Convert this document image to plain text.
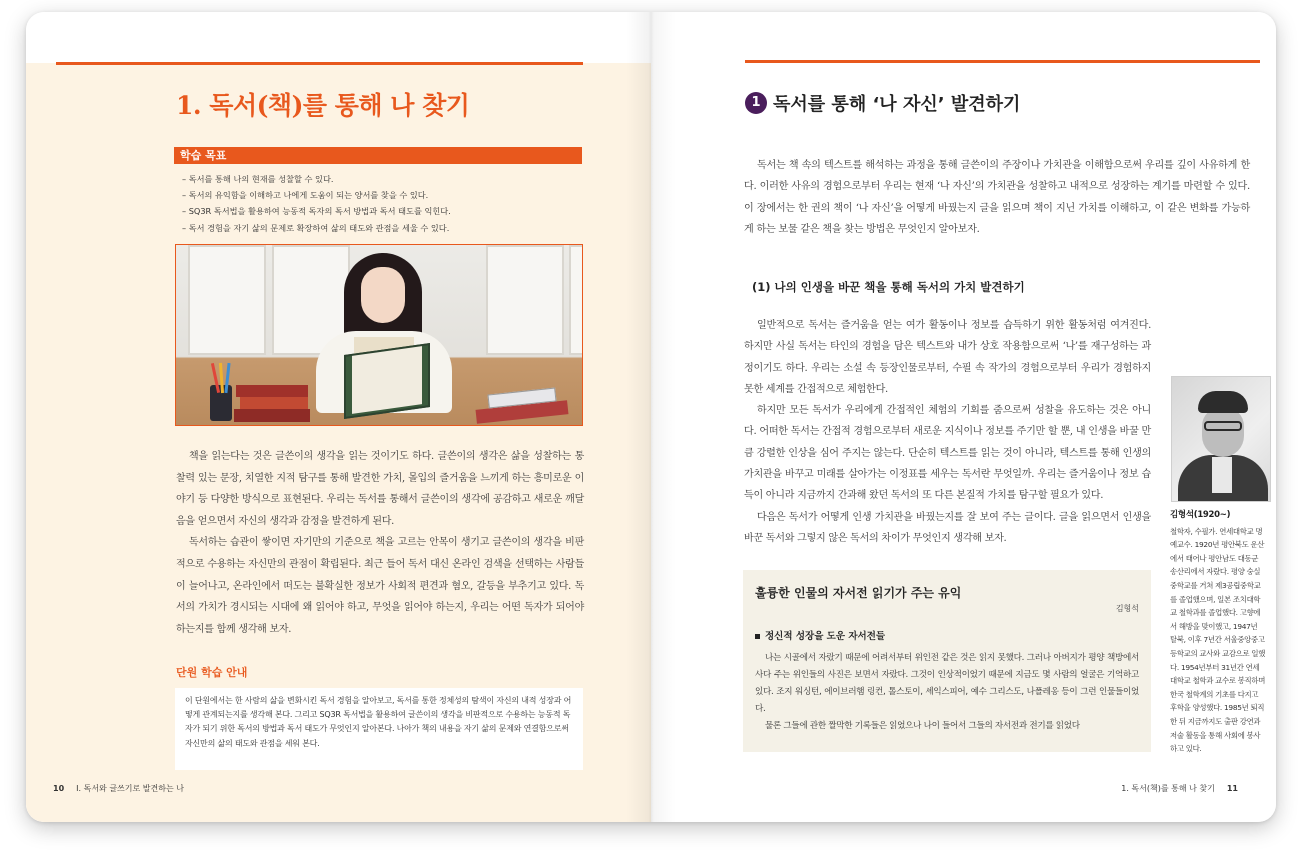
1. 독서(책)를 통해 나 찾기
학습 목표
– 독서를 통해 나의 현재를 성찰할 수 있다.
– 독서의 유익함을 이해하고 나에게 도움이 되는 양서를 찾을 수 있다.
– SQ3R 독서법을 활용하여 능동적 독자의 독서 방법과 독서 태도를 익힌다.
– 독서 경험을 자기 삶의 문제로 확장하여 삶의 태도와 관점을 세울 수 있다.

책을 읽는다는 것은 글쓴이의 생각을 읽는 것이기도 하다. 글쓴이의 생각은 삶을 성찰하는 통찰력 있는 문장, 치열한 지적 탐구를 통해 발견한 가치, 몰입의 즐거움을 느끼게 하는 흥미로운 이야기 등 다양한 방식으로 표현된다. 우리는 독서를 통해서 글쓴이의 생각에 공감하고 새로운 깨달음을 얻으면서 자신의 생각과 감정을 발견하게 된다.

독서하는 습관이 쌓이면 자기만의 기준으로 책을 고르는 안목이 생기고 글쓴이의 생각을 비판적으로 수용하는 자신만의 관점이 확립된다. 최근 들어 독서 대신 온라인 검색을 선택하는 사람들이 늘어나고, 온라인에서 떠도는 불확실한 정보가 사회적 편견과 혐오, 갈등을 부추기고 있다. 독서의 가치가 경시되는 시대에 왜 읽어야 하고, 무엇을 읽어야 하는지, 우리는 어떤 독자가 되어야 하는지를 함께 생각해 보자.

단원 학습 안내
이 단원에서는 한 사람의 삶을 변화시킨 독서 경험을 알아보고, 독서를 통한 정체성의 탐색이 자신의 내적 성장과 어떻게 관계되는지를 생각해 본다. 그리고 SQ3R 독서법을 활용하여 글쓴이의 생각을 비판적으로 수용하는 능동적 독자가 되기 위한 독서의 방법과 독서 태도가 무엇인지 알아본다. 나아가 책의 내용을 자기 삶의 문제와 연결함으로써 자신만의 삶의 태도와 관점을 세워 본다.
10 Ⅰ. 독서와 글쓰기로 발견하는 나
1 독서를 통해 ‘나 자신’ 발견하기

독서는 책 속의 텍스트를 해석하는 과정을 통해 글쓴이의 주장이나 가치관을 이해함으로써 우리를 깊이 사유하게 한다. 이러한 사유의 경험으로부터 우리는 현재 ‘나 자신’의 가치관을 성찰하고 내적으로 성장하는 계기를 마련할 수 있다. 이 장에서는 한 권의 책이 ‘나 자신’을 어떻게 바꿨는지 글을 읽으며 책이 지닌 가치를 이해하고, 이 같은 변화를 가능하게 하는 보물 같은 책을 찾는 방법은 무엇인지 알아보자.

(1) 나의 인생을 바꾼 책을 통해 독서의 가치 발견하기

일반적으로 독서는 즐거움을 얻는 여가 활동이나 정보를 습득하기 위한 활동처럼 여겨진다. 하지만 사실 독서는 타인의 경험을 담은 텍스트와 내가 상호 작용함으로써 ‘나’를 재구성하는 과정이기도 하다. 우리는 소설 속 등장인물로부터, 수필 속 작가의 경험으로부터 우리가 경험하지 못한 세계를 간접적으로 체험한다.

하지만 모든 독서가 우리에게 간접적인 체험의 기회를 줌으로써 성찰을 유도하는 것은 아니다. 어떠한 독서는 간접적 경험으로부터 새로운 지식이나 정보를 주기만 할 뿐, 내 인생을 바꿀 만큼 강렬한 인상을 심어 주지는 않는다. 단순히 텍스트를 읽는 것이 아니라, 텍스트를 통해 인생의 가치관을 바꾸고 미래를 살아가는 이정표를 세우는 독서란 무엇일까. 우리는 즐거움이나 정보 습득이 아니라 지금까지 간과해 왔던 독서의 또 다른 본질적 가치를 탐구할 필요가 있다.

다음은 독서가 어떻게 인생 가치관을 바꿨는지를 잘 보여 주는 글이다. 글을 읽으면서 인생을 바꾼 독서와 그렇지 않은 독서의 차이가 무엇인지 생각해 보자.

김형석(1920~)
철학자, 수필가. 연세대학교 명예교수. 1920년 평안북도 운산에서 태어나 평안남도 대동군 송산리에서 자랐다. 평양 숭실중학교를 거쳐 제3공립중학교를 졸업했으며, 일본 조치대학교 철학과를 졸업했다. 고향에서 해방을 맞이했고, 1947년 탈북, 이후 7년간 서울중앙중고등학교의 교사와 교감으로 일했다. 1954년부터 31년간 연세대학교 철학과 교수로 봉직하며 한국 철학계의 기초를 다지고 후학을 양성했다. 1985년 퇴직한 뒤 지금까지도 출판 강연과 저술 활동을 통해 사회에 봉사하고 있다.
훌륭한 인물의 자서전 읽기가 주는 유익
김형석
정신적 성장을 도운 자서전들

나는 시골에서 자랐기 때문에 어려서부터 위인전 같은 것은 읽지 못했다. 그러나 아버지가 평양 책방에서 사다 주는 위인들의 사진은 보면서 자랐다. 그것이 인상적이었기 때문에 지금도 몇 사람의 얼굴은 기억하고 있다. 조지 워싱턴, 에이브러햄 링컨, 톨스토이, 셰익스피어, 예수 그리스도, 나폴레옹 등이 그런 인물들이었다.

물론 그들에 관한 짤막한 기록들은 읽었으나 나이 들어서 그들의 자서전과 전기를 읽었다

1. 독서(책)를 통해 나 찾기 11
